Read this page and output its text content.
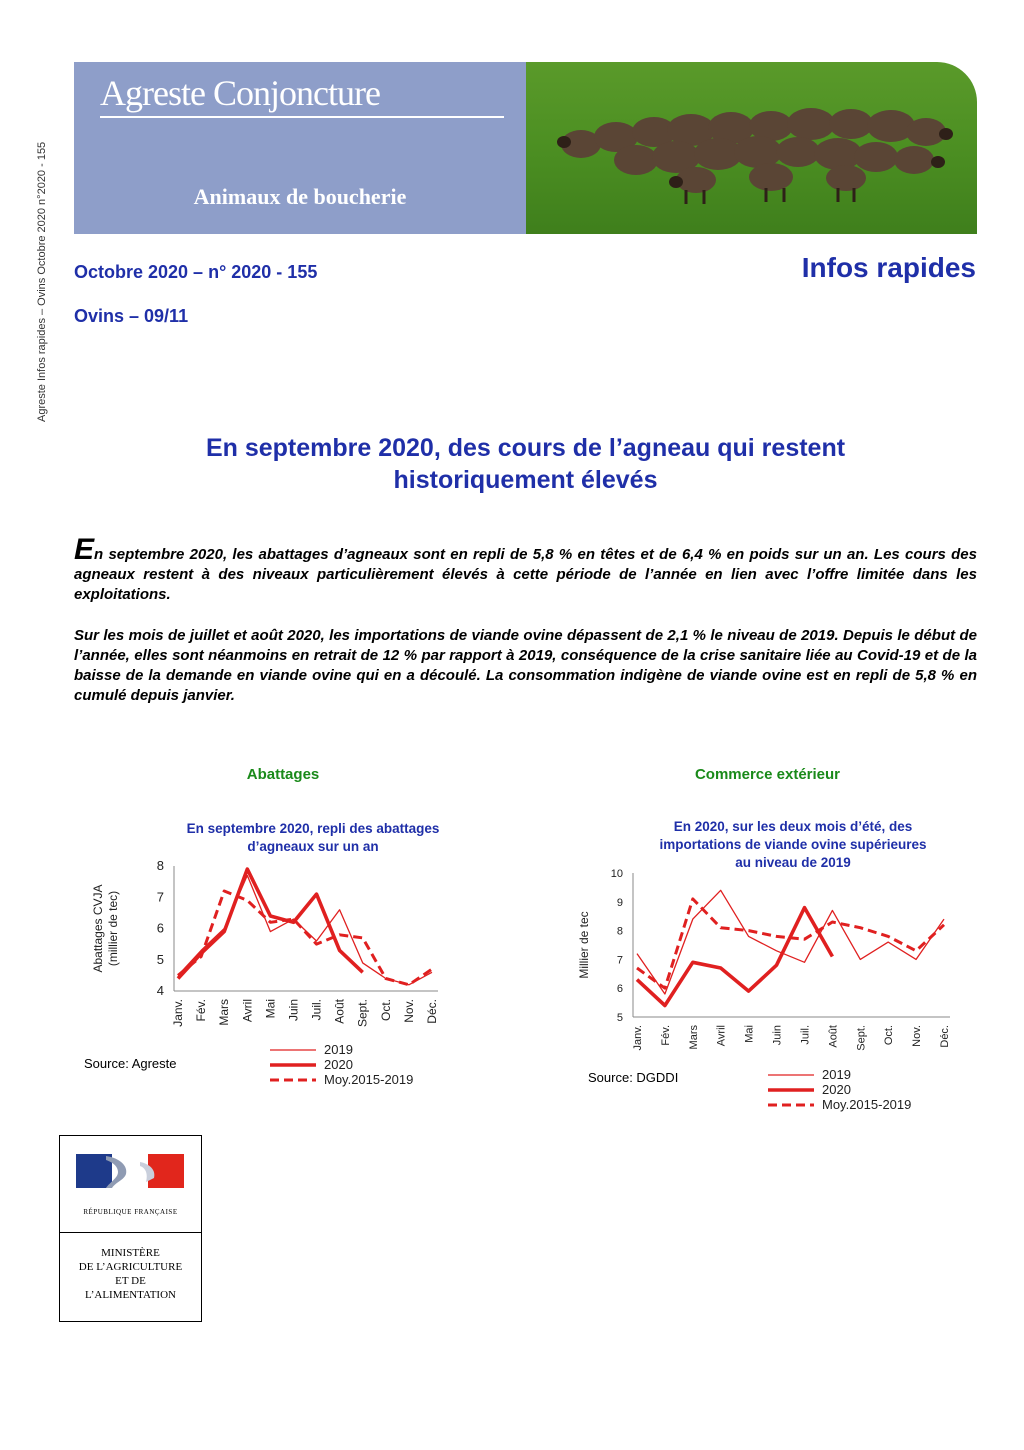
Agreste Infos rapides – Ovins Octobre 2020 n°2020 - 155
Agreste Conjoncture
Animaux de boucherie
Octobre 2020 – n° 2020 - 155
Ovins – 09/11
Infos rapides
En septembre 2020, des cours de l’agneau qui restent
historiquement élevés

En septembre 2020, les abattages d’agneaux sont en repli de 5,8 % en têtes et de 6,4 % en poids sur un an. Les cours des agneaux restent à des niveaux particulièrement élevés à cette période de l’année en lien avec l’offre limitée dans les exploitations.

Sur les mois de juillet et août 2020, les importations de viande ovine dépassent de 2,1 % le niveau de 2019. Depuis le début de l’année, elles sont néanmoins en retrait de 12 % par rapport à 2019, conséquence de la crise sanitaire liée au Covid-19 et de la baisse de la demande en viande ovine qui en a découlé. La consommation indigène de viande ovine est en repli de 5,8 % en cumulé depuis janvier.

Abattages
En septembre 2020, repli des abattages
d’agneaux sur un an
4
5
6
7
8
Janv. Fév. Mars Avril Mai Juin Juil. Août Sept. Oct. Nov. Déc.
Abattages CVJA (millier de tec)
Source: Agreste
2019
2020
Moy.2015-2019
Commerce extérieur
En 2020, sur les deux mois d’été, des
importations de viande ovine supérieures
au niveau de 2019
5
6
7
8
9
10
Janv. Fév. Mars Avril Mai Juin Juil. Août Sept. Oct. Nov. Déc.
Millier de tec
Source: DGDDI	2019
2020
Moy.2015-2019
RÉPUBLIQUE FRANÇAISE
MINISTÈRE
DE L’AGRICULTURE
ET DE
L’ALIMENTATION
